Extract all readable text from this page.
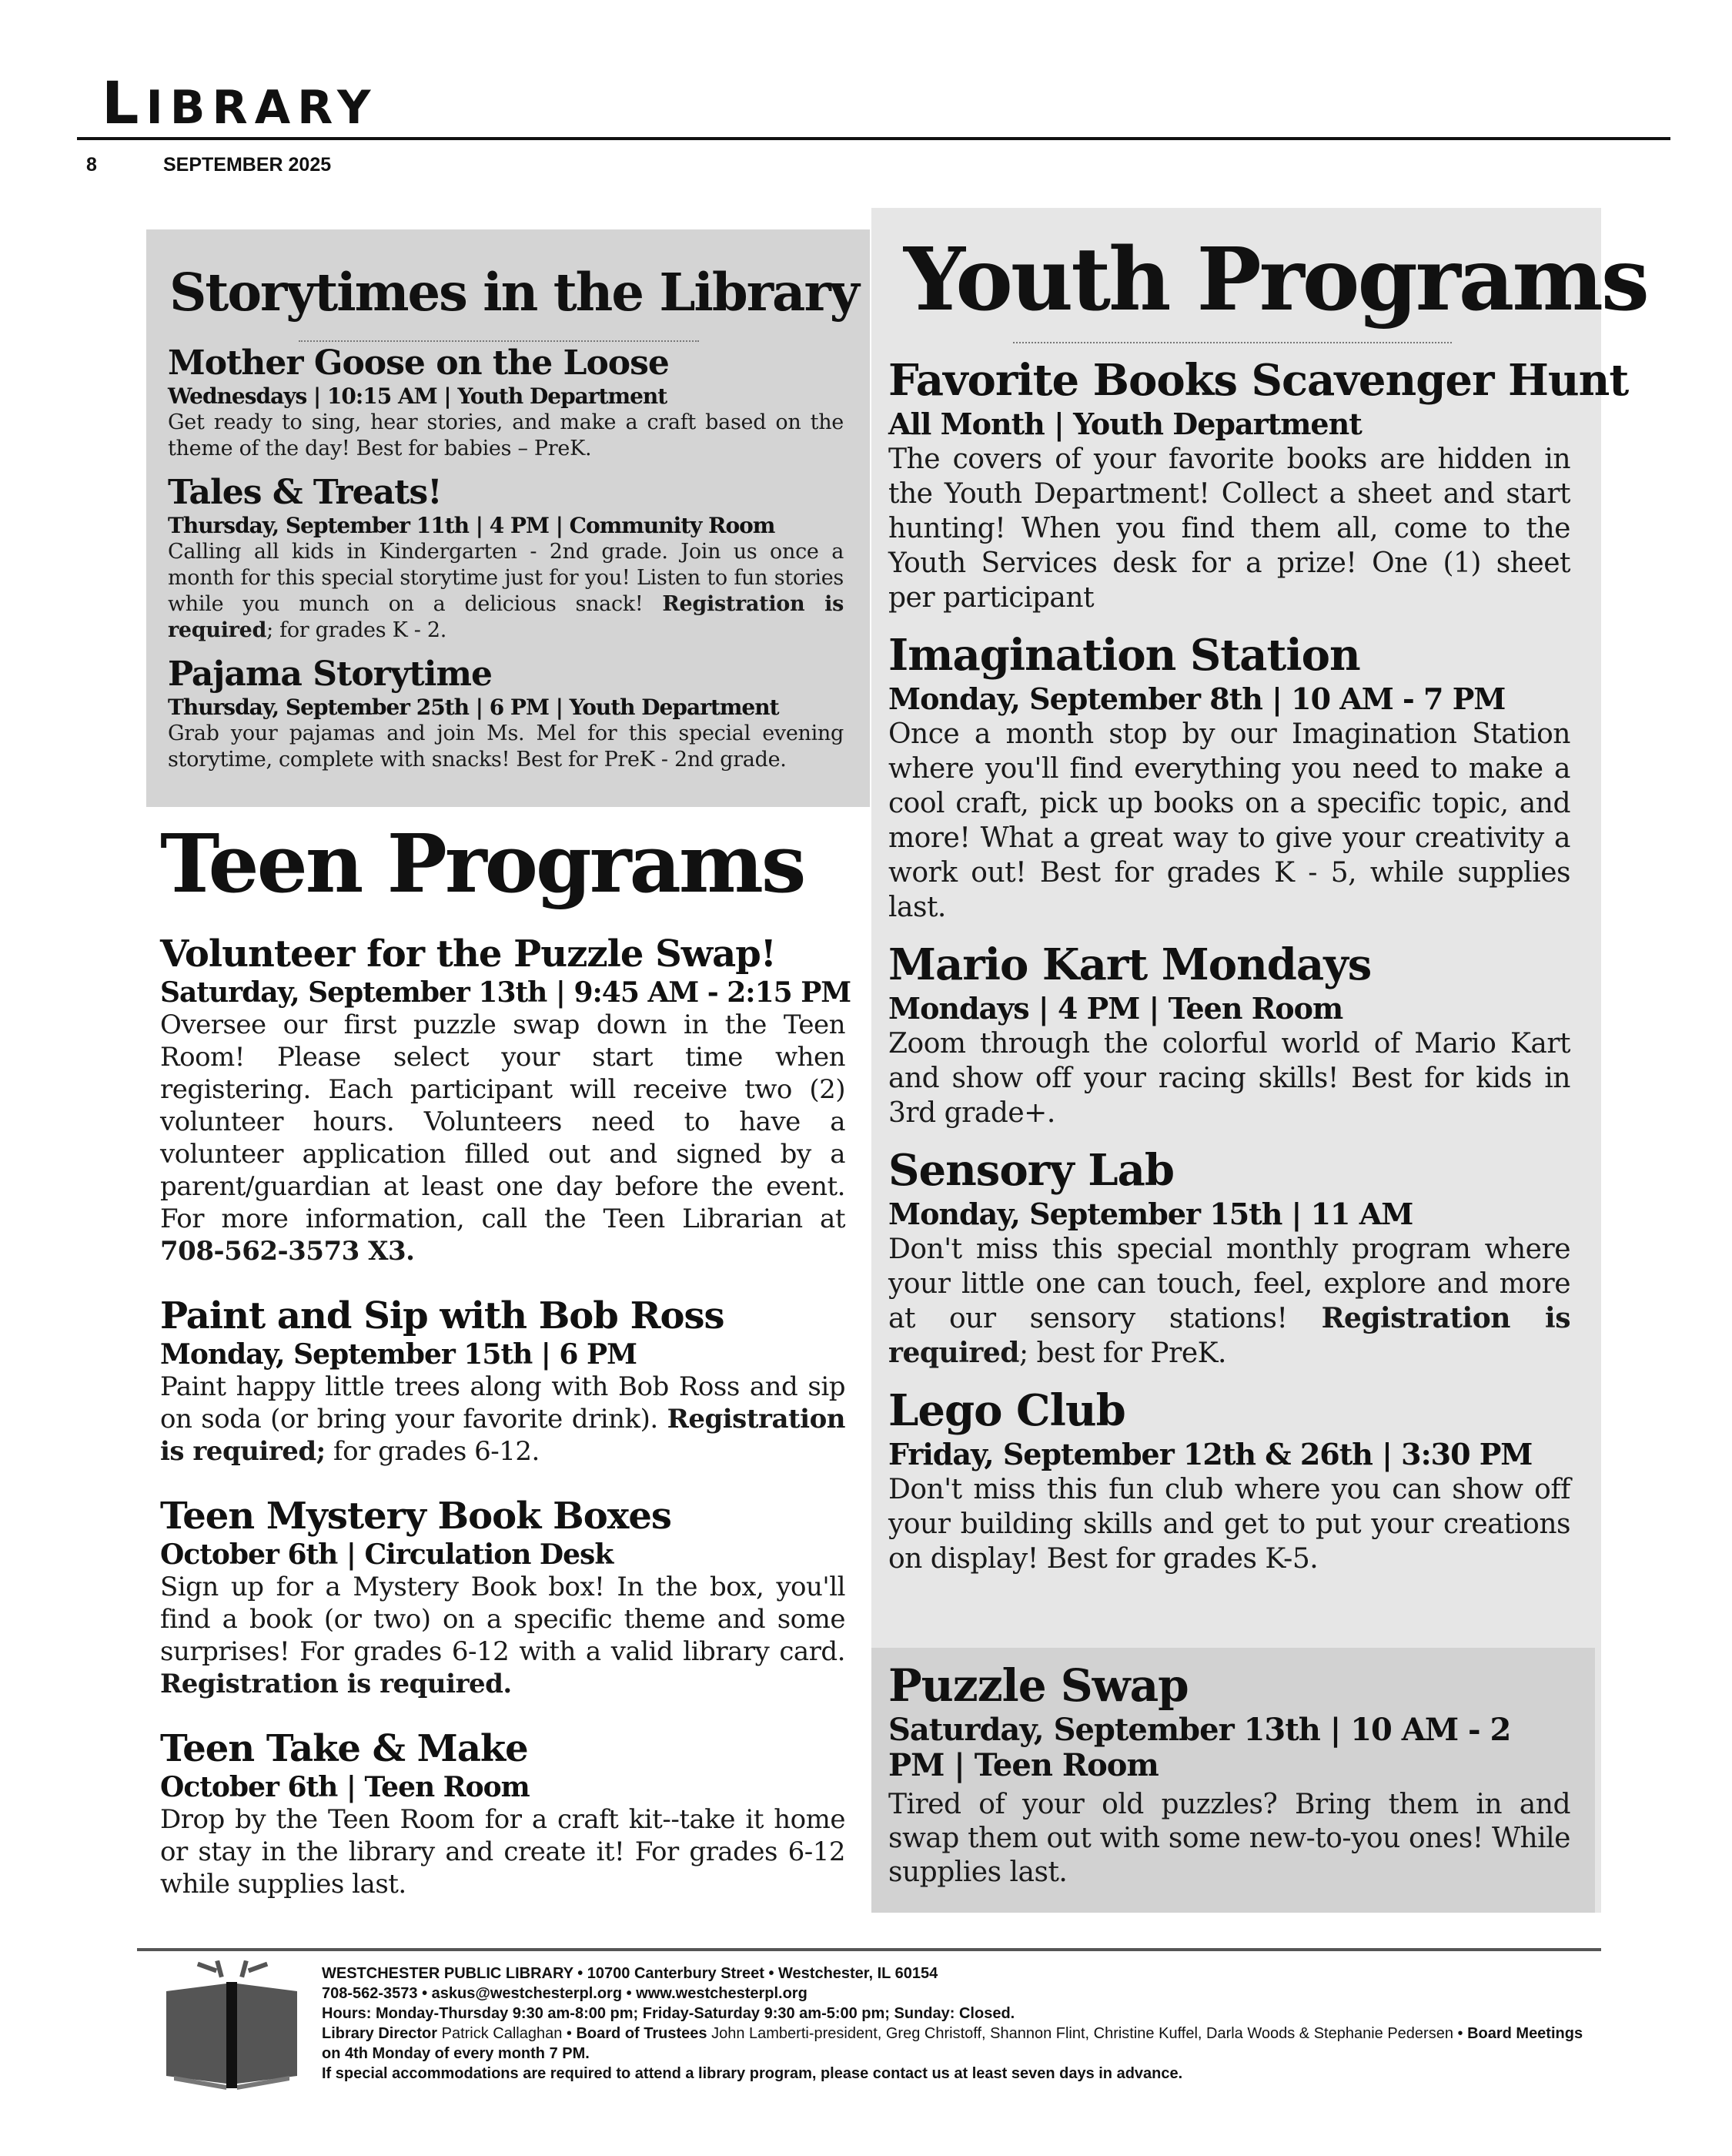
LIBRARY
8	SEPTEMBER 2025
Storytimes in the Library

Mother Goose on the Loose

Wednesdays | 10:15 AM | Youth Department

Get ready to sing, hear stories, and make a craft based on the theme of the day! Best for babies – PreK.

Tales & Treats!

Thursday, September 11th | 4 PM | Community Room

Calling all kids in Kindergarten - 2nd grade. Join us once a month for this special storytime just for you! Listen to fun stories while you munch on a delicious snack! Registration is required; for grades K - 2.

Pajama Storytime

Thursday, September 25th | 6 PM | Youth Department

Grab your pajamas and join Ms. Mel for this special evening storytime, complete with snacks! Best for PreK - 2nd grade.

Youth Programs

Favorite Books Scavenger Hunt

All Month | Youth Department

The covers of your favorite books are hidden in the Youth Department! Collect a sheet and start hunting! When you find them all, come to the Youth Services desk for a prize! One (1) sheet per participant

Imagination Station

Monday, September 8th | 10 AM - 7 PM

Once a month stop by our Imagination Station where you'll find everything you need to make a cool craft, pick up books on a specific topic, and more! What a great way to give your creativity a work out! Best for grades K - 5, while supplies last.

Mario Kart Mondays

Mondays | 4 PM | Teen Room

Zoom through the colorful world of Mario Kart and show off your racing skills! Best for kids in 3rd grade+.

Sensory Lab

Monday, September 15th | 11 AM

Don't miss this special monthly program where your little one can touch, feel, explore and more at our sensory stations! Registration is required; best for PreK.

Lego Club

Friday, September 12th & 26th | 3:30 PM

Don't miss this fun club where you can show off your building skills and get to put your creations on display! Best for grades K-5.

Puzzle Swap

Saturday, September 13th | 10 AM - 2 PM | Teen Room

Tired of your old puzzles? Bring them in and swap them out with some new-to-you ones! While supplies last.

Teen Programs

Volunteer for the Puzzle Swap!

Saturday, September 13th | 9:45 AM - 2:15 PM

Oversee our first puzzle swap down in the Teen Room! Please select your start time when registering. Each participant will receive two (2) volunteer hours. Volunteers need to have a volunteer application filled out and signed by a parent/guardian at least one day before the event. For more information, call the Teen Librarian at 708-562-3573 X3.

Paint and Sip with Bob Ross

Monday, September 15th | 6 PM

Paint happy little trees along with Bob Ross and sip on soda (or bring your favorite drink). Registration is required; for grades 6-12.

Teen Mystery Book Boxes

October 6th | Circulation Desk

Sign up for a Mystery Book box! In the box, you'll find a book (or two) on a specific theme and some surprises! For grades 6-12 with a valid library card. Registration is required.

Teen Take & Make

October 6th | Teen Room

Drop by the Teen Room for a craft kit--take it home or stay in the library and create it! For grades 6-12 while supplies last.

WESTCHESTER PUBLIC LIBRARY • 10700 Canterbury Street • Westchester, IL 60154

708-562-3573 • askus@westchesterpl.org • www.westchesterpl.org

Hours: Monday-Thursday 9:30 am-8:00 pm; Friday-Saturday 9:30 am-5:00 pm; Sunday: Closed.

Library Director Patrick Callaghan • Board of Trustees John Lamberti-president, Greg Christoff, Shannon Flint, Christine Kuffel, Darla Woods & Stephanie Pedersen • Board Meetings on 4th Monday of every month 7 PM.

If special accommodations are required to attend a library program, please contact us at least seven days in advance.
